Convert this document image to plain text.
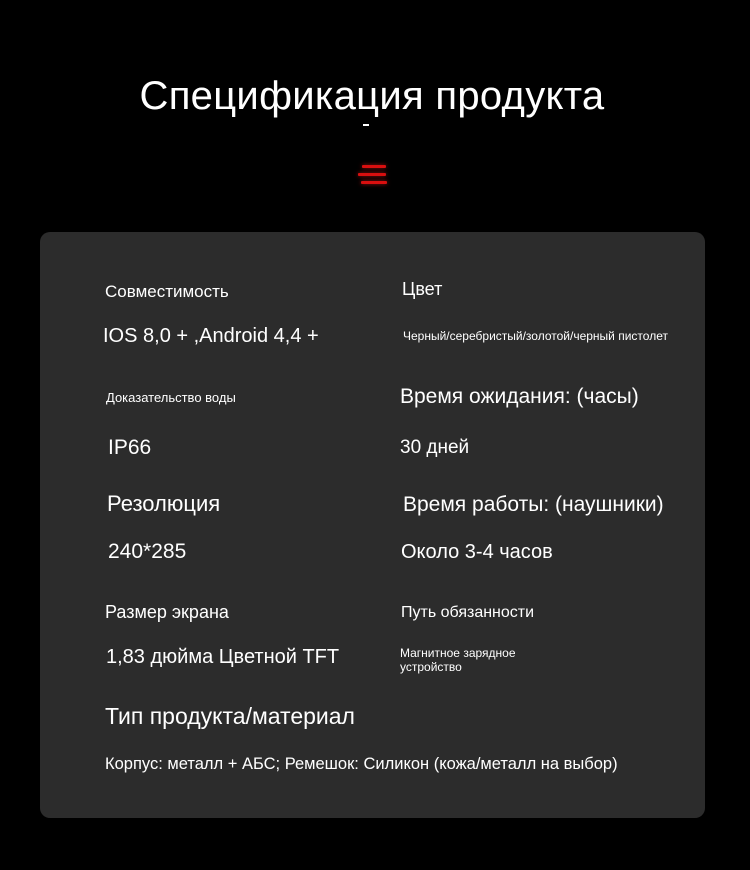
Спецификация продукта
Совместимость	Цвет
IOS 8,0 + ,Android 4,4 +	Черный/серебристый/золотой/черный пистолет
Доказательство воды	Время ожидания: (часы)
IP66	30 дней
Резолюция	Время работы: (наушники)
240*285	Около 3-4 часов
Размер экрана	Путь обязанности
1,83 дюйма Цветной TFT	Магнитное зарядное устройство
Тип продукта/материал
Корпус: металл + АБС; Ремешок: Силикон (кожа/металл на выбор)
